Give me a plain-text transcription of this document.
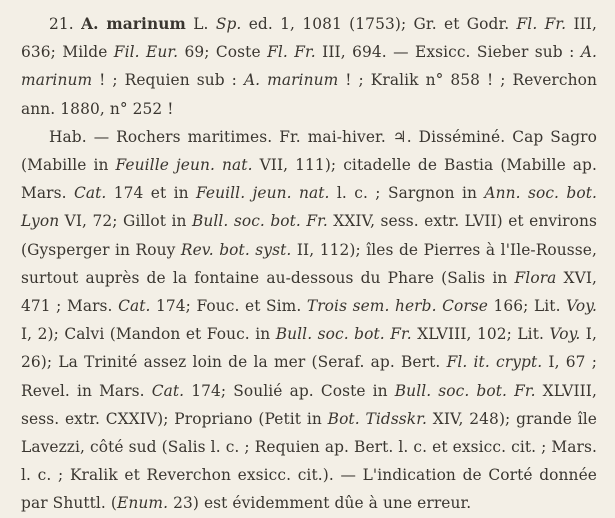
21. A. marinum L. Sp. ed. 1, 1081 (1753); Gr. et Godr. Fl. Fr. III, 636; Milde Fil. Eur. 69; Coste Fl. Fr. III, 694. — Exsicc. Sieber sub : A. marinum ! ; Requien sub : A. marinum ! ; Kralik n° 858 ! ; Reverchon ann. 1880, n° 252 !

Hab. — Rochers maritimes. Fr. mai-hiver. ♃. Disséminé. Cap Sagro (Mabille in Feuille jeun. nat. VII, 111); citadelle de Bastia (Mabille ap. Mars. Cat. 174 et in Feuill. jeun. nat. l. c. ; Sargnon in Ann. soc. bot. Lyon VI, 72; Gillot in Bull. soc. bot. Fr. XXIV, sess. extr. LVII) et environs (Gysperger in Rouy Rev. bot. syst. II, 112); îles de Pierres à l'Ile-Rousse, surtout auprès de la fontaine au-dessous du Phare (Salis in Flora XVI, 471 ; Mars. Cat. 174; Fouc. et Sim. Trois sem. herb. Corse 166; Lit. Voy. I, 2); Calvi (Mandon et Fouc. in Bull. soc. bot. Fr. XLVIII, 102; Lit. Voy. I, 26); La Trinité assez loin de la mer (Seraf. ap. Bert. Fl. it. crypt. I, 67 ; Revel. in Mars. Cat. 174; Soulié ap. Coste in Bull. soc. bot. Fr. XLVIII, sess. extr. CXXIV); Propriano (Petit in Bot. Tidsskr. XIV, 248); grande île Lavezzi, côté sud (Salis l. c. ; Requien ap. Bert. l. c. et exsicc. cit. ; Mars. l. c. ; Kralik et Reverchon exsicc. cit.). — L'indication de Corté donnée par Shuttl. (Enum. 23) est évidemment dûe à une erreur.
